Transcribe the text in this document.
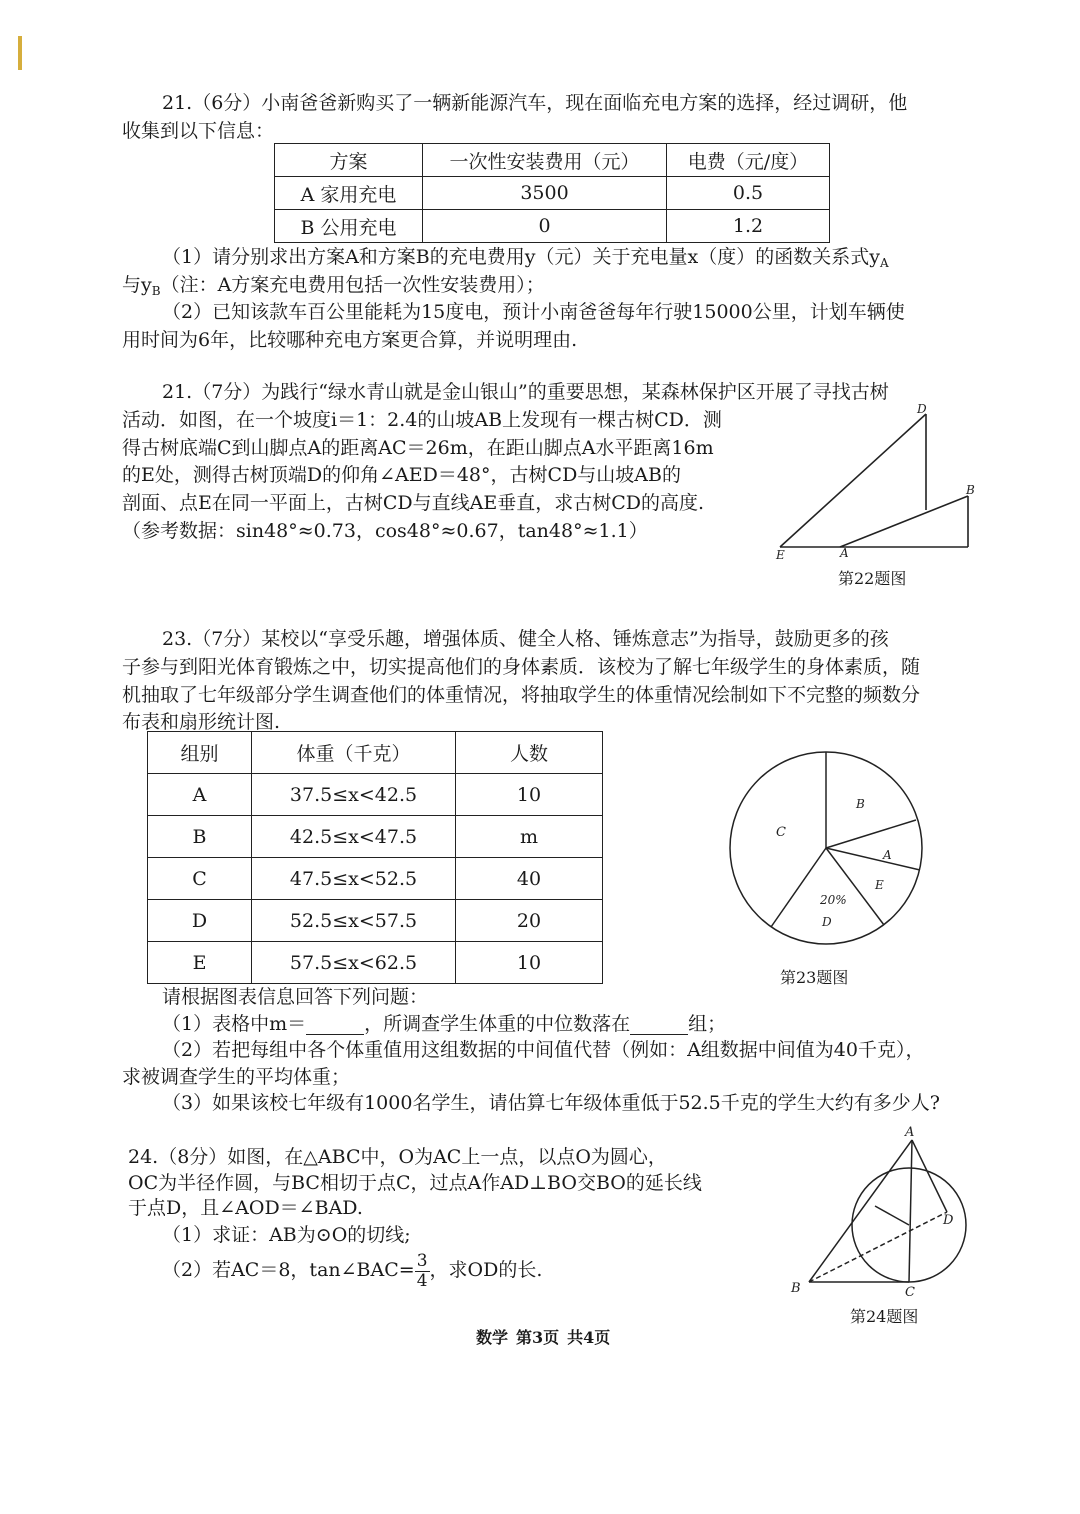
21.（6分）小南爸爸新购买了一辆新能源汽车，现在面临充电方案的选择，经过调研，他
收集到以下信息：
方案	一次性安装费用（元）	电费（元/度）
A 家用充电	3500	0.5
B 公用充电	0	1.2
（1）请分别求出方案A和方案B的充电费用y（元）关于充电量x（度）的函数关系式$y_A$
与$y_B$（注：A方案充电费用包括一次性安装费用）；
（2）已知该款车百公里能耗为15度电，预计小南爸爸每年行驶15000公里，计划车辆使
用时间为6年，比较哪种充电方案更合算，并说明理由.
21.（7分）为践行“绿水青山就是金山银山”的重要思想，某森林保护区开展了寻找古树
活动．如图，在一个坡度i＝1：2.4的山坡AB上发现有一棵古树CD．测
得古树底端C到山脚点A的距离AC＝26m，在距山脚点A水平距离16m
的E处，测得古树顶端D的仰角∠AED＝48°，古树CD与山坡AB的
剖面、点E在同一平面上，古树CD与直线AE垂直，求古树CD的高度.
（参考数据：sin48°≈0.73，cos48°≈0.67，tan48°≈1.1）
D
B
E	A
第22题图
23.（7分）某校以“享受乐趣，增强体质、健全人格、锤炼意志”为指导，鼓励更多的孩
子参与到阳光体育锻炼之中，切实提高他们的身体素质．该校为了解七年级学生的身体素质，随
机抽取了七年级部分学生调查他们的体重情况，将抽取学生的体重情况绘制如下不完整的频数分
布表和扇形统计图.
组别	体重（千克）	人数
A	37.5≤x<42.5	10
B	42.5≤x<47.5	m
C	47.5≤x<52.5	40
D	52.5≤x<57.5	20
E	57.5≤x<62.5	10
C
B
A
E
20%
D
第23题图
请根据图表信息回答下列问题：
（1）表格中m＝	，所调查学生体重的中位数落在	组；
（2）若把每组中各个体重值用这组数据的中间值代替（例如：A组数据中间值为40千克），
求被调查学生的平均体重；
（3）如果该校七年级有1000名学生，请估算七年级体重低于52.5千克的学生大约有多少人?
24.（8分）如图，在△ABC中，O为AC上一点，以点O为圆心，
OC为半径作圆，与BC相切于点C，过点A作AD⊥BO交BO的延长线
于点D，且∠AOD＝∠BAD.
（1）求证：AB为⊙O的切线;
（2）若AC＝8，tan∠BAC= $\frac{3}{4}$ ，求OD的长.
A
D
B	C
第24题图
数学 第3页 共4页
